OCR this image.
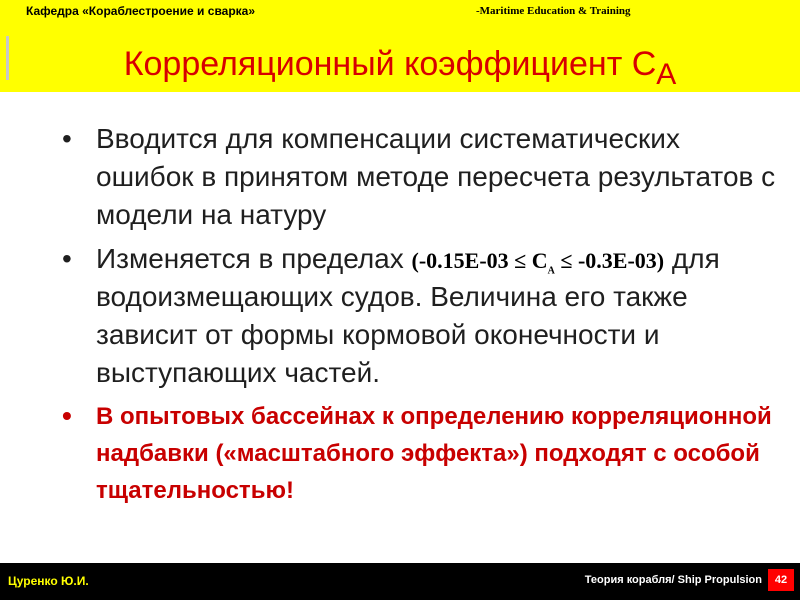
Кафедра «Кораблестроение и сварка»	-Maritime Education & Training
Корреляционный коэффициент $C_A$
• Вводится для компенсации систематических ошибок в принятом методе пересчета результатов с модели на натуру
• Изменяется в пределах $(-0.15E-03 \le C_A \le -0.3E-03)$ для водоизмещающих судов. Величина его также зависит от формы кормовой оконечности и выступающих частей.
• В опытовых бассейнах к определению корреляционной надбавки («масштабного эффекта») подходят с особой тщательностью!
Цуренко Ю.И.	Теория корабля/ Ship Propulsion	42
